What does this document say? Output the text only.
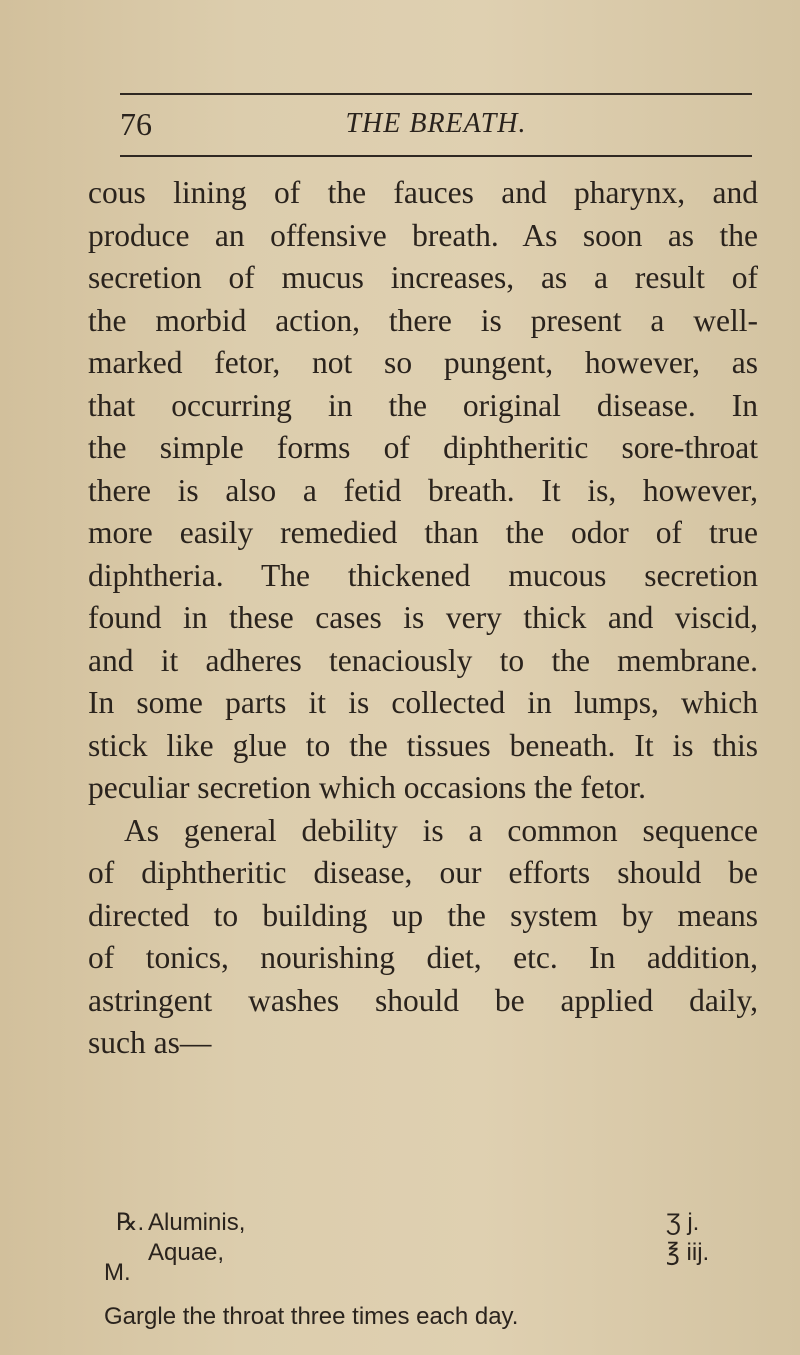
76	THE BREATH.
cous lining of the fauces and pharynx, and
produce an offensive breath. As soon as the
secretion of mucus increases, as a result of
the morbid action, there is present a well-
marked fetor, not so pungent, however, as
that occurring in the original disease. In
the simple forms of diphtheritic sore-throat
there is also a fetid breath. It is, however,
more easily remedied than the odor of true
diphtheria. The thickened mucous secretion
found in these cases is very thick and viscid,
and it adheres tenaciously to the membrane.
In some parts it is collected in lumps, which
stick like glue to the tissues beneath. It is this
peculiar secretion which occasions the fetor.
As general debility is a common sequence
of diphtheritic disease, our efforts should be
directed to building up the system by means
of tonics, nourishing diet, etc. In addition,
astringent washes should be applied daily,
such as—
℞. Aluminis,	Ʒ j.
Aquae,	℥ iij.
M.
Gargle the throat three times each day.
